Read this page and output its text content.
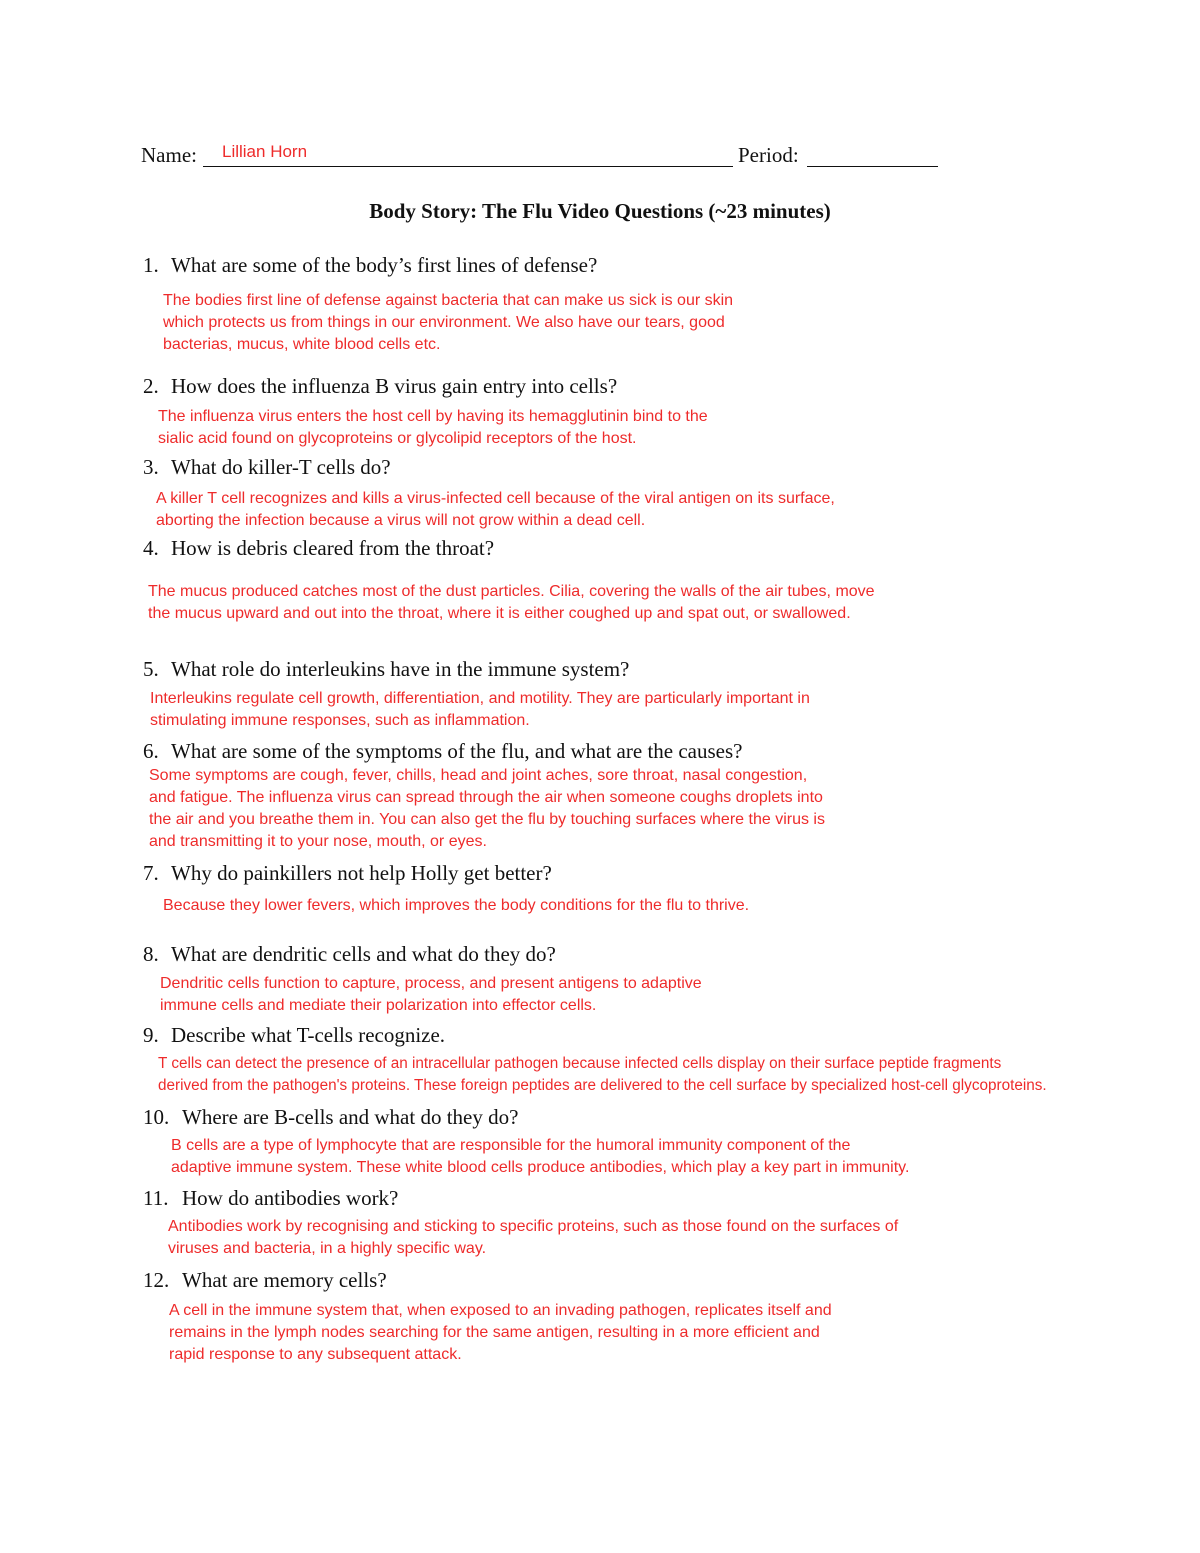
Name: Lillian Horn	Period:
Body Story: The Flu Video Questions (~23 minutes)
1. What are some of the body’s first lines of defense?
The bodies first line of defense against bacteria that can make us sick is our skin
which protects us from things in our environment. We also have our tears, good
bacterias, mucus, white blood cells etc.
2. How does the influenza B virus gain entry into cells?
The influenza virus enters the host cell by having its hemagglutinin bind to the
sialic acid found on glycoproteins or glycolipid receptors of the host.
3. What do killer-T cells do?
A killer T cell recognizes and kills a virus-infected cell because of the viral antigen on its surface,
aborting the infection because a virus will not grow within a dead cell.
4. How is debris cleared from the throat?
The mucus produced catches most of the dust particles. Cilia, covering the walls of the air tubes, move
the mucus upward and out into the throat, where it is either coughed up and spat out, or swallowed.
5. What role do interleukins have in the immune system?
Interleukins regulate cell growth, differentiation, and motility. They are particularly important in
stimulating immune responses, such as inflammation.
6. What are some of the symptoms of the flu, and what are the causes?
Some symptoms are cough, fever, chills, head and joint aches, sore throat, nasal congestion,
and fatigue. The influenza virus can spread through the air when someone coughs droplets into
the air and you breathe them in. You can also get the flu by touching surfaces where the virus is
and transmitting it to your nose, mouth, or eyes.
7. Why do painkillers not help Holly get better?
Because they lower fevers, which improves the body conditions for the flu to thrive.
8. What are dendritic cells and what do they do?
Dendritic cells function to capture, process, and present antigens to adaptive
immune cells and mediate their polarization into effector cells.
9. Describe what T-cells recognize.
T cells can detect the presence of an intracellular pathogen because infected cells display on their surface peptide fragments
derived from the pathogen's proteins. These foreign peptides are delivered to the cell surface by specialized host-cell glycoproteins.
10. Where are B-cells and what do they do?
B cells are a type of lymphocyte that are responsible for the humoral immunity component of the
adaptive immune system. These white blood cells produce antibodies, which play a key part in immunity.
11. How do antibodies work?
Antibodies work by recognising and sticking to specific proteins, such as those found on the surfaces of
viruses and bacteria, in a highly specific way.
12. What are memory cells?
A cell in the immune system that, when exposed to an invading pathogen, replicates itself and
remains in the lymph nodes searching for the same antigen, resulting in a more efficient and
rapid response to any subsequent attack.
